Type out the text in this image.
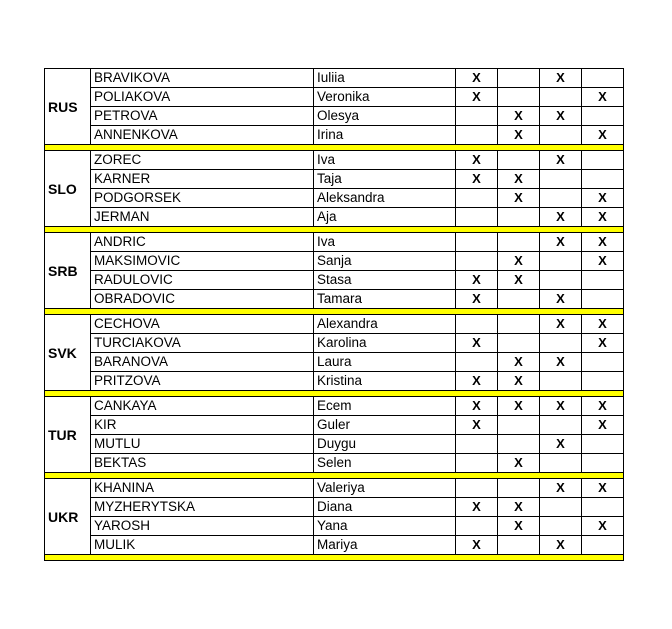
RUS	BRAVIKOVA	Iuliia	X		X	
	POLIAKOVA	Veronika	X			X
	PETROVA	Olesya		X	X	
	ANNENKOVA	Irina		X		X

SLO	ZOREC	Iva	X		X	
	KARNER	Taja	X	X		
	PODGORSEK	Aleksandra		X		X
	JERMAN	Aja			X	X

SRB	ANDRIC	Iva			X	X
	MAKSIMOVIC	Sanja		X		X
	RADULOVIC	Stasa	X	X		
	OBRADOVIC	Tamara	X		X	

SVK	CECHOVA	Alexandra			X	X
	TURCIAKOVA	Karolina	X			X
	BARANOVA	Laura		X	X	
	PRITZOVA	Kristina	X	X		

TUR	CANKAYA	Ecem	X	X	X	X
	KIR	Guler	X			X
	MUTLU	Duygu			X	
	BEKTAS	Selen		X		

UKR	KHANINA	Valeriya			X	X
	MYZHERYTSKA	Diana	X	X		
	YAROSH	Yana		X		X
	MULIK	Mariya	X		X	
